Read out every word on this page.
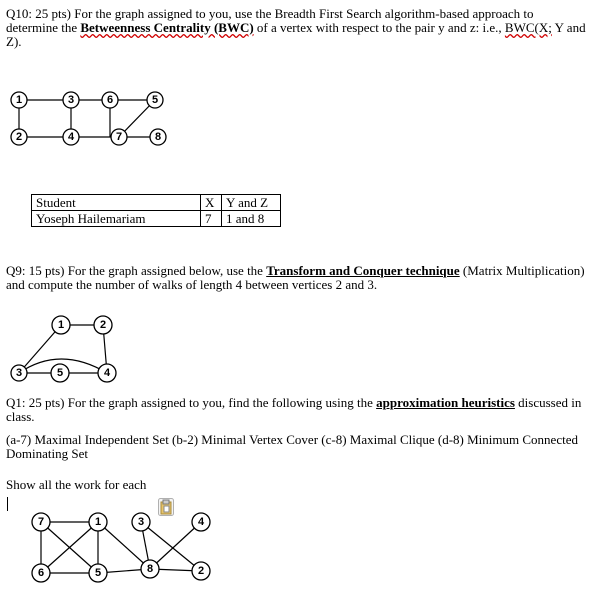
Q10: 25 pts) For the graph assigned to you, use the Breadth First Search algorithm-based approach to determine the Betweenness Centrality (BWC) of a vertex with respect to the pair y and z: i.e., BWC(X; Y and Z).
1	3	6	5
2	4	7	8
Student	X	Y and Z
Yoseph Hailemariam	7	1 and 8
Q9: 15 pts) For the graph assigned below, use the Transform and Conquer technique (Matrix Multiplication) and compute the number of walks of length 4 between vertices 2 and 3.
1	2
3	5	4
Q1: 25 pts) For the graph assigned to you, find the following using the approximation heuristics discussed in class.
(a-7) Maximal Independent Set (b-2) Minimal Vertex Cover (c-8) Maximal Clique (d-8) Minimum Connected Dominating Set
Show all the work for each
7	1	3	4
6	5	8	2
